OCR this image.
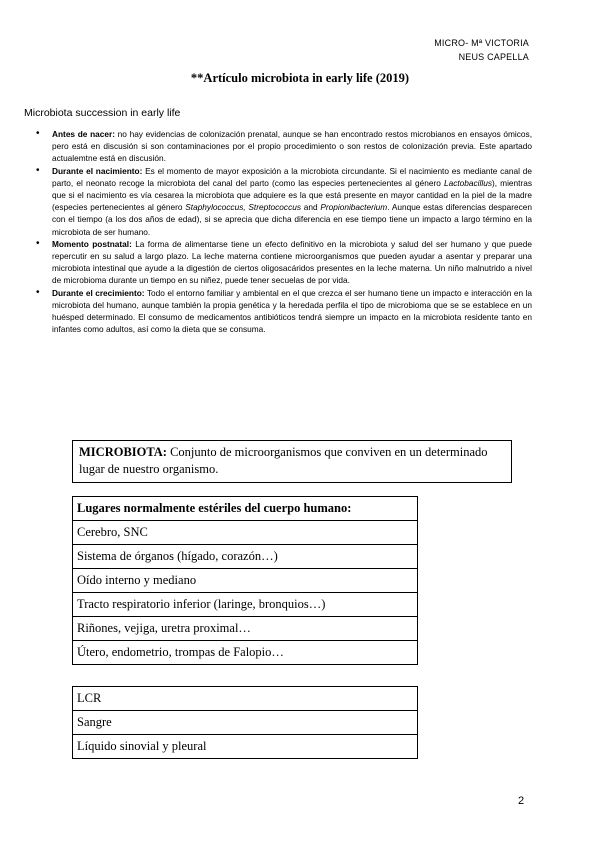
MICRO- Mª VICTORIA
NEUS CAPELLA
**Artículo microbiota in early life (2019)
Microbiota succession in early life
• Antes de nacer: no hay evidencias de colonización prenatal, aunque se han encontrado restos microbianos en ensayos ómicos, pero está en discusión si son contaminaciones por el propio procedimiento o son restos de colonización previa. Este apartado actualemtne está en discusión.
• Durante el nacimiento: Es el momento de mayor exposición a la microbiota circundante. Si el nacimiento es mediante canal de parto, el neonato recoge la microbiota del canal del parto (como las especies pertenecientes al género Lactobacillus), mientras que si el nacimiento es vía cesarea la microbiota que adquiere es la que está presente en mayor cantidad en la piel de la madre (especies pertenecientes al género Staphylococcus, Streptococcus and Propionibacterium. Aunque estas diferencias desparecen con el tiempo (a los dos años de edad), si se aprecia que dicha diferencia en ese tiempo tiene un impacto a largo término en la microbiota de ser humano.
• Momento postnatal: La forma de alimentarse tiene un efecto definitivo en la microbiota y salud del ser humano y que puede repercutir en su salud a largo plazo. La leche materna contiene microorganismos que pueden ayudar a asentar y preparar una microbiota intestinal que ayude a la digestión de ciertos oligosacáridos presentes en la leche materna. Un niño malnutrido a nivel de microbioma durante un tiempo en su niñez, puede tener secuelas de por vida.
• Durante el crecimiento: Todo el entorno familiar y ambiental en el que crezca el ser humano tiene un impacto e interacción en la microbiota del humano, aunque también la propia genética y la heredada perfila el tipo de microbioma que se se establece en un huésped determinado. El consumo de medicamentos antibióticos tendrá siempre un impacto en la microbiota residente tanto en infantes como adultos, así como la dieta que se consuma.
MICROBIOTA: Conjunto de microorganismos que conviven en un determinado lugar de nuestro organismo.
Lugares normalmente estériles del cuerpo humano:
Cerebro, SNC
Sistema de órganos (hígado, corazón…)
Oído interno y mediano
Tracto respiratorio inferior (laringe, bronquios…)
Riñones, vejiga, uretra proximal…
Útero, endometrio, trompas de Falopio…
LCR
Sangre
Líquido sinovial y pleural
2
